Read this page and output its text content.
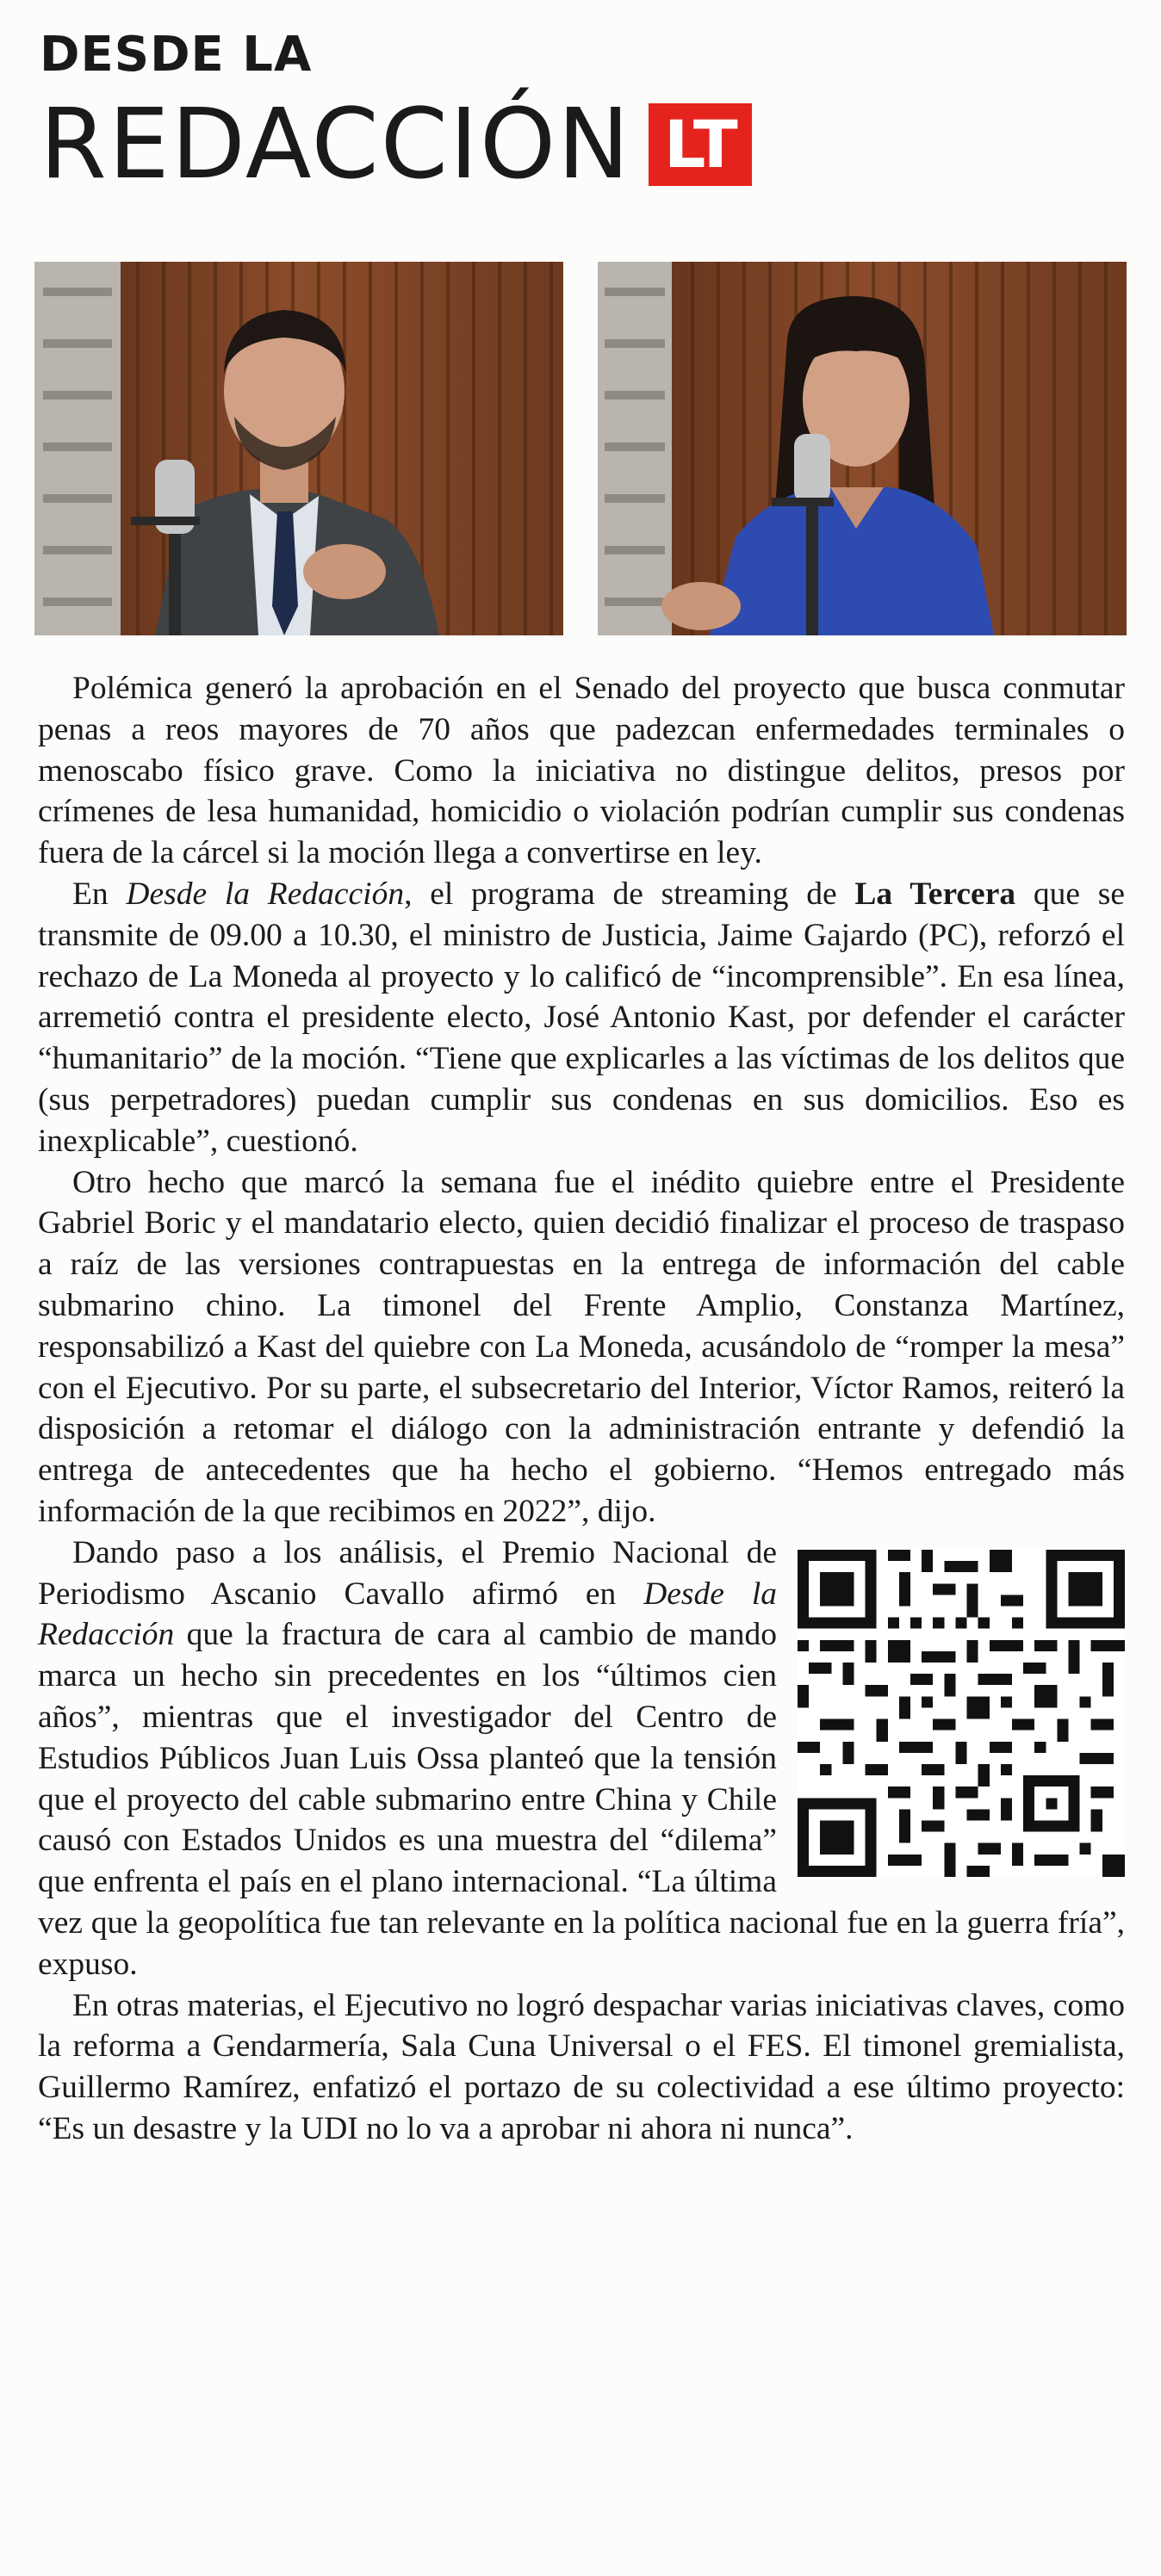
DESDE LA
REDACCIÓN LT

Polémica generó la aprobación en el Senado del proyecto que busca conmutar penas a reos mayores de 70 años que padezcan enfermedades terminales o menoscabo físico grave. Como la iniciativa no distingue delitos, presos por crímenes de lesa humanidad, homicidio o violación podrían cumplir sus condenas fuera de la cárcel si la moción llega a convertirse en ley.

En Desde la Redacción, el programa de streaming de La Tercera que se transmite de 09.00 a 10.30, el ministro de Justicia, Jaime Gajardo (PC), reforzó el rechazo de La Moneda al proyecto y lo calificó de “incomprensible”. En esa línea, arremetió contra el presidente electo, José Antonio Kast, por defender el carácter “humanitario” de la moción. “Tiene que explicarles a las víctimas de los delitos que (sus perpetradores) puedan cumplir sus condenas en sus domicilios. Eso es inexplicable”, cuestionó.

Otro hecho que marcó la semana fue el inédito quiebre entre el Presidente Gabriel Boric y el mandatario electo, quien decidió finalizar el proceso de traspaso a raíz de las versiones contrapuestas en la entrega de información del cable submarino chino. La timonel del Frente Amplio, Constanza Martínez, responsabilizó a Kast del quiebre con La Moneda, acusándolo de “romper la mesa” con el Ejecutivo. Por su parte, el subsecretario del Interior, Víctor Ramos, reiteró la disposición a retomar el diálogo con la administración entrante y defendió la entrega de antecedentes que ha hecho el gobierno. “Hemos entregado más información de la que recibimos en 2022”, dijo.

Dando paso a los análisis, el Premio Nacional de Periodismo Ascanio Cavallo afirmó en Desde la Redacción que la fractura de cara al cambio de mando marca un hecho sin precedentes en los “últimos cien años”, mientras que el investigador del Centro de Estudios Públicos Juan Luis Ossa planteó que la tensión que el proyecto del cable submarino entre China y Chile causó con Estados Unidos es una muestra del “dilema” que enfrenta el país en el plano internacional. “La última vez que la geopolítica fue tan relevante en la política nacional fue en la guerra fría”, expuso.

En otras materias, el Ejecutivo no logró despachar varias iniciativas claves, como la reforma a Gendarmería, Sala Cuna Universal o el FES. El timonel gremialista, Guillermo Ramírez, enfatizó el portazo de su colectividad a ese último proyecto: “Es un desastre y la UDI no lo va a aprobar ni ahora ni nunca”.
